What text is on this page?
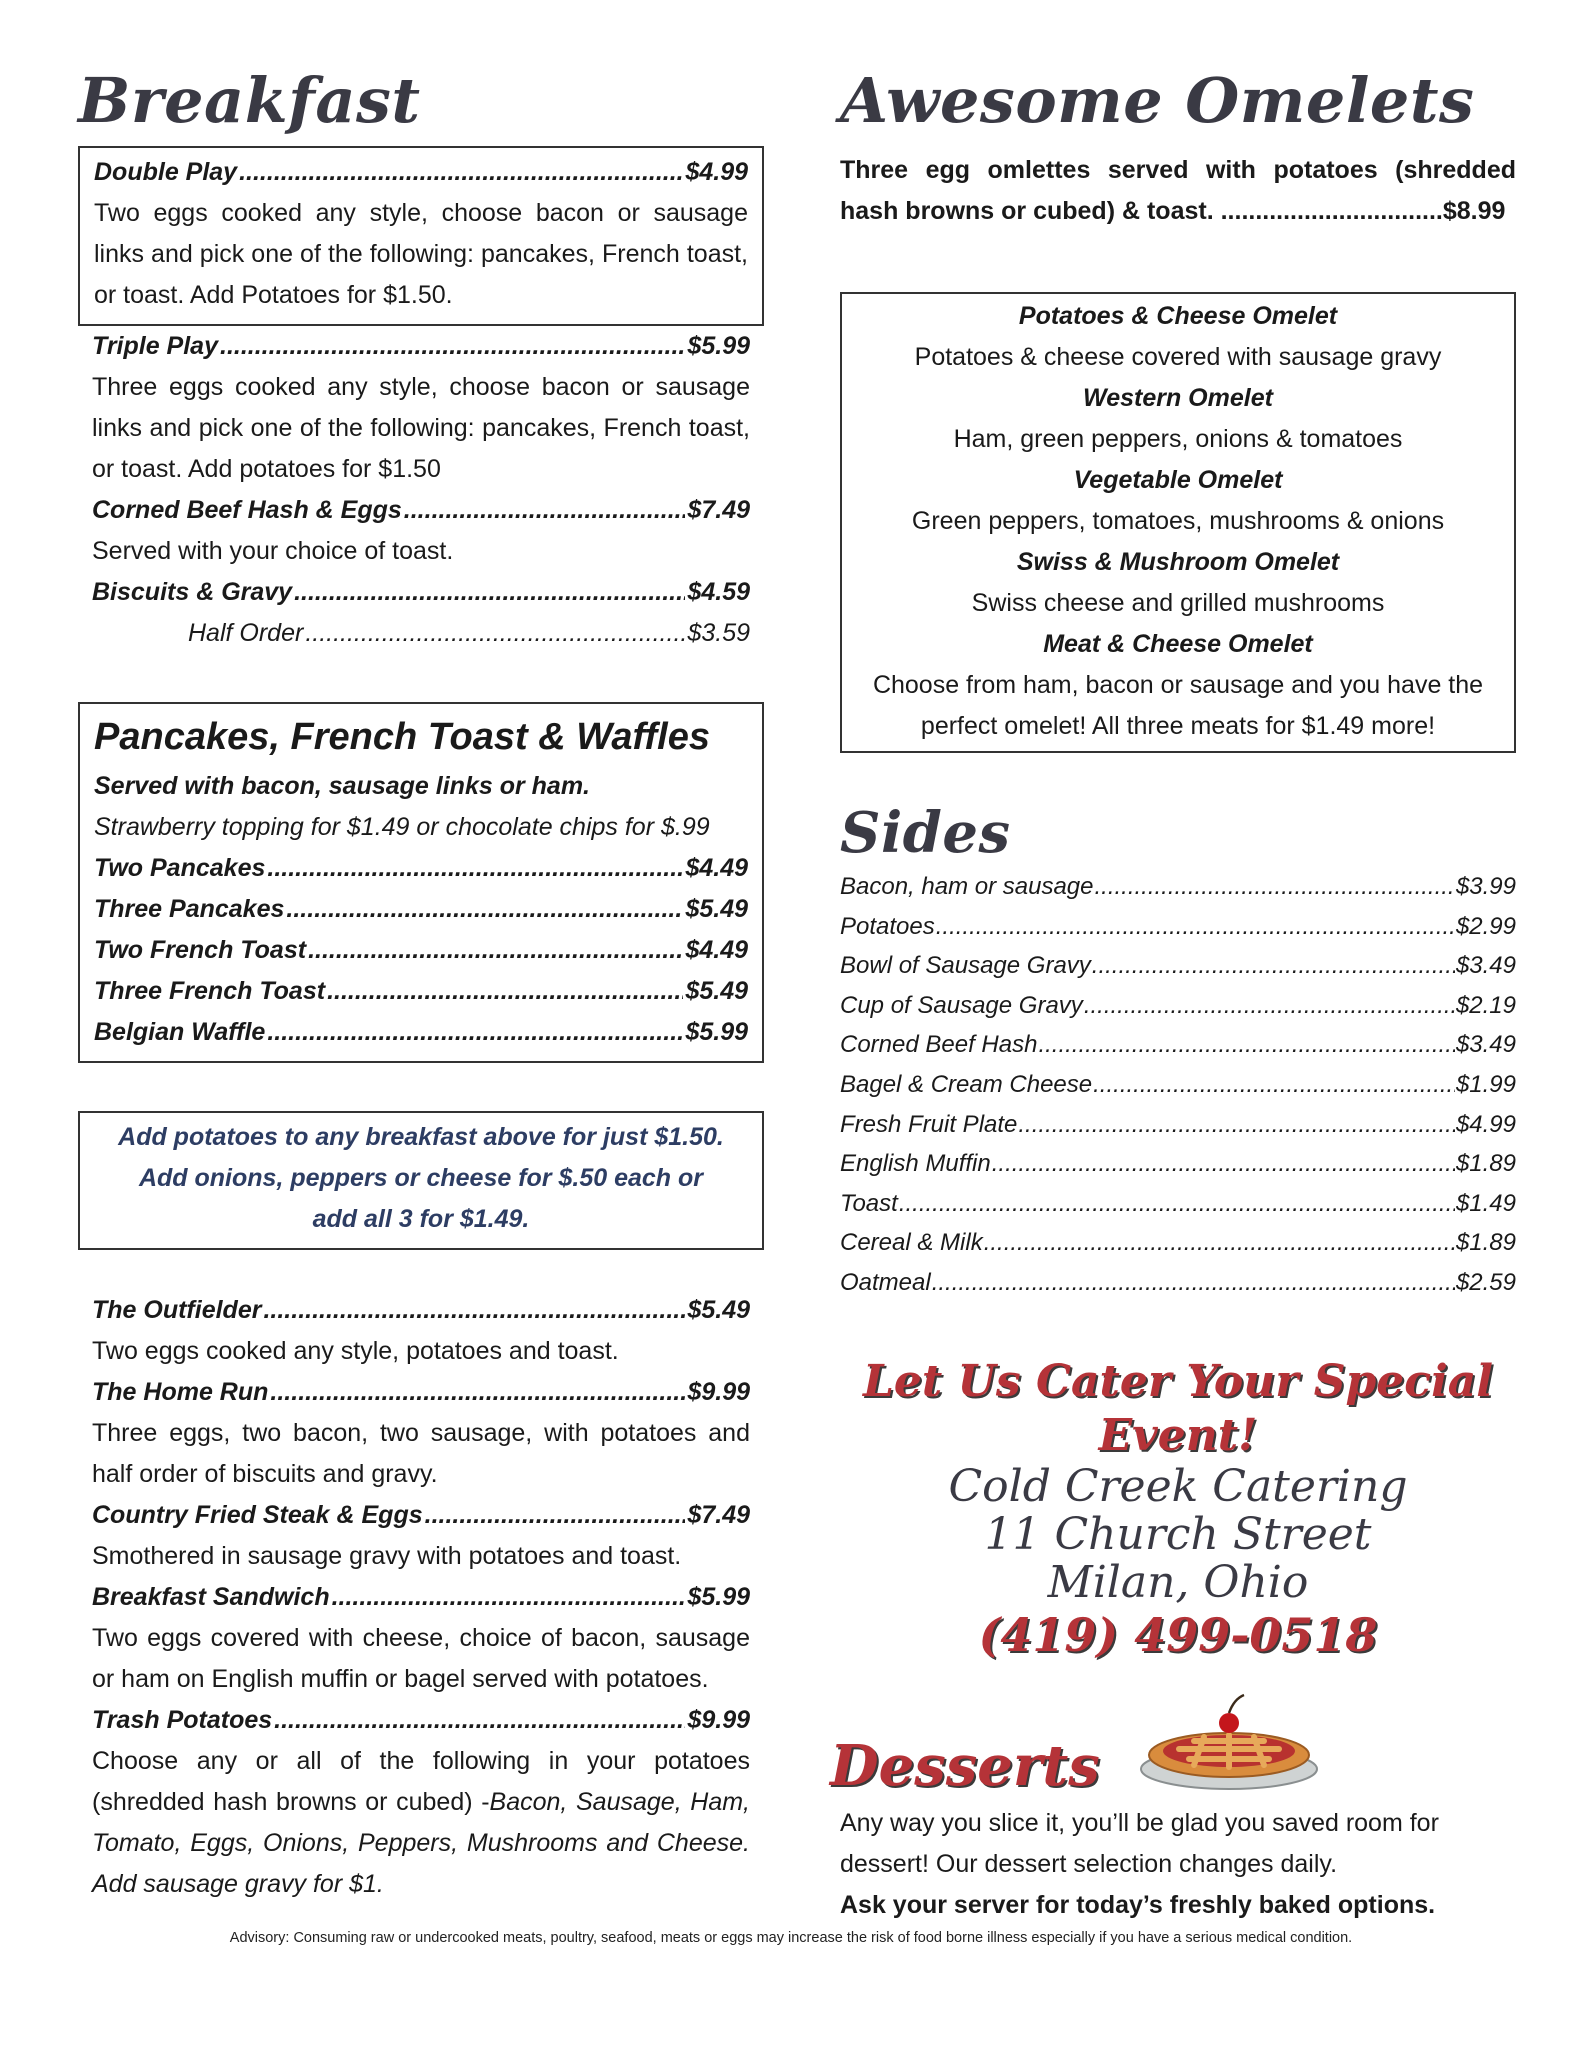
Breakfast
Double Play .....	$4.99
Two eggs cooked any style, choose bacon or sausage links and pick one of the following: pancakes, French toast, or toast. Add Potatoes for $1.50.
Triple Play .....	$5.99
Three eggs cooked any style, choose bacon or sausage links and pick one of the following: pancakes, French toast, or toast. Add potatoes for $1.50
Corned Beef Hash & Eggs .....	$7.49
Served with your choice of toast.
Biscuits & Gravy .....	$4.59
Half Order .....	$3.59
Pancakes, French Toast & Waffles
Served with bacon, sausage links or ham.
Strawberry topping for $1.49 or chocolate chips for $.99
Two Pancakes .....	$4.49
Three Pancakes .....	$5.49
Two French Toast .....	$4.49
Three French Toast .....	$5.49
Belgian Waffle .....	$5.99
Add potatoes to any breakfast above for just $1.50.
Add onions, peppers or cheese for $.50 each or
add all 3 for $1.49.
The Outfielder .....	$5.49
Two eggs cooked any style, potatoes and toast.
The Home Run .....	$9.99
Three eggs, two bacon, two sausage, with potatoes and half order of biscuits and gravy.
Country Fried Steak & Eggs .....	$7.49
Smothered in sausage gravy with potatoes and toast.
Breakfast Sandwich .....	$5.99
Two eggs covered with cheese, choice of bacon, sausage or ham on English muffin or bagel served with potatoes.
Trash Potatoes .....	$9.99
Choose any or all of the following in your potatoes (shredded hash browns or cubed) -Bacon, Sausage, Ham, Tomato, Eggs, Onions, Peppers, Mushrooms and Cheese. Add sausage gravy for $1.
Awesome Omelets
Three egg omlettes served with potatoes (shredded hash browns or cubed) & toast. ................................$8.99
Potatoes & Cheese Omelet
Potatoes & cheese covered with sausage gravy
Western Omelet
Ham, green peppers, onions & tomatoes
Vegetable Omelet
Green peppers, tomatoes, mushrooms & onions
Swiss & Mushroom Omelet
Swiss cheese and grilled mushrooms
Meat & Cheese Omelet
Choose from ham, bacon or sausage and you have the perfect omelet! All three meats for $1.49 more!
Sides
Bacon, ham or sausage .....	$3.99
Potatoes .....	$2.99
Bowl of Sausage Gravy .....	$3.49
Cup of Sausage Gravy .....	$2.19
Corned Beef Hash .....	$3.49
Bagel & Cream Cheese .....	$1.99
Fresh Fruit Plate .....	$4.99
English Muffin .....	$1.89
Toast .....	$1.49
Cereal & Milk .....	$1.89
Oatmeal .....	$2.59
Let Us Cater Your Special Event!
Cold Creek Catering
11 Church Street
Milan, Ohio
(419) 499-0518
Desserts
Any way you slice it, you’ll be glad you saved room for dessert! Our dessert selection changes daily.
Ask your server for today’s freshly baked options.
Advisory: Consuming raw or undercooked meats, poultry, seafood, meats or eggs may increase the risk of food borne illness especially if you have a serious medical condition.
